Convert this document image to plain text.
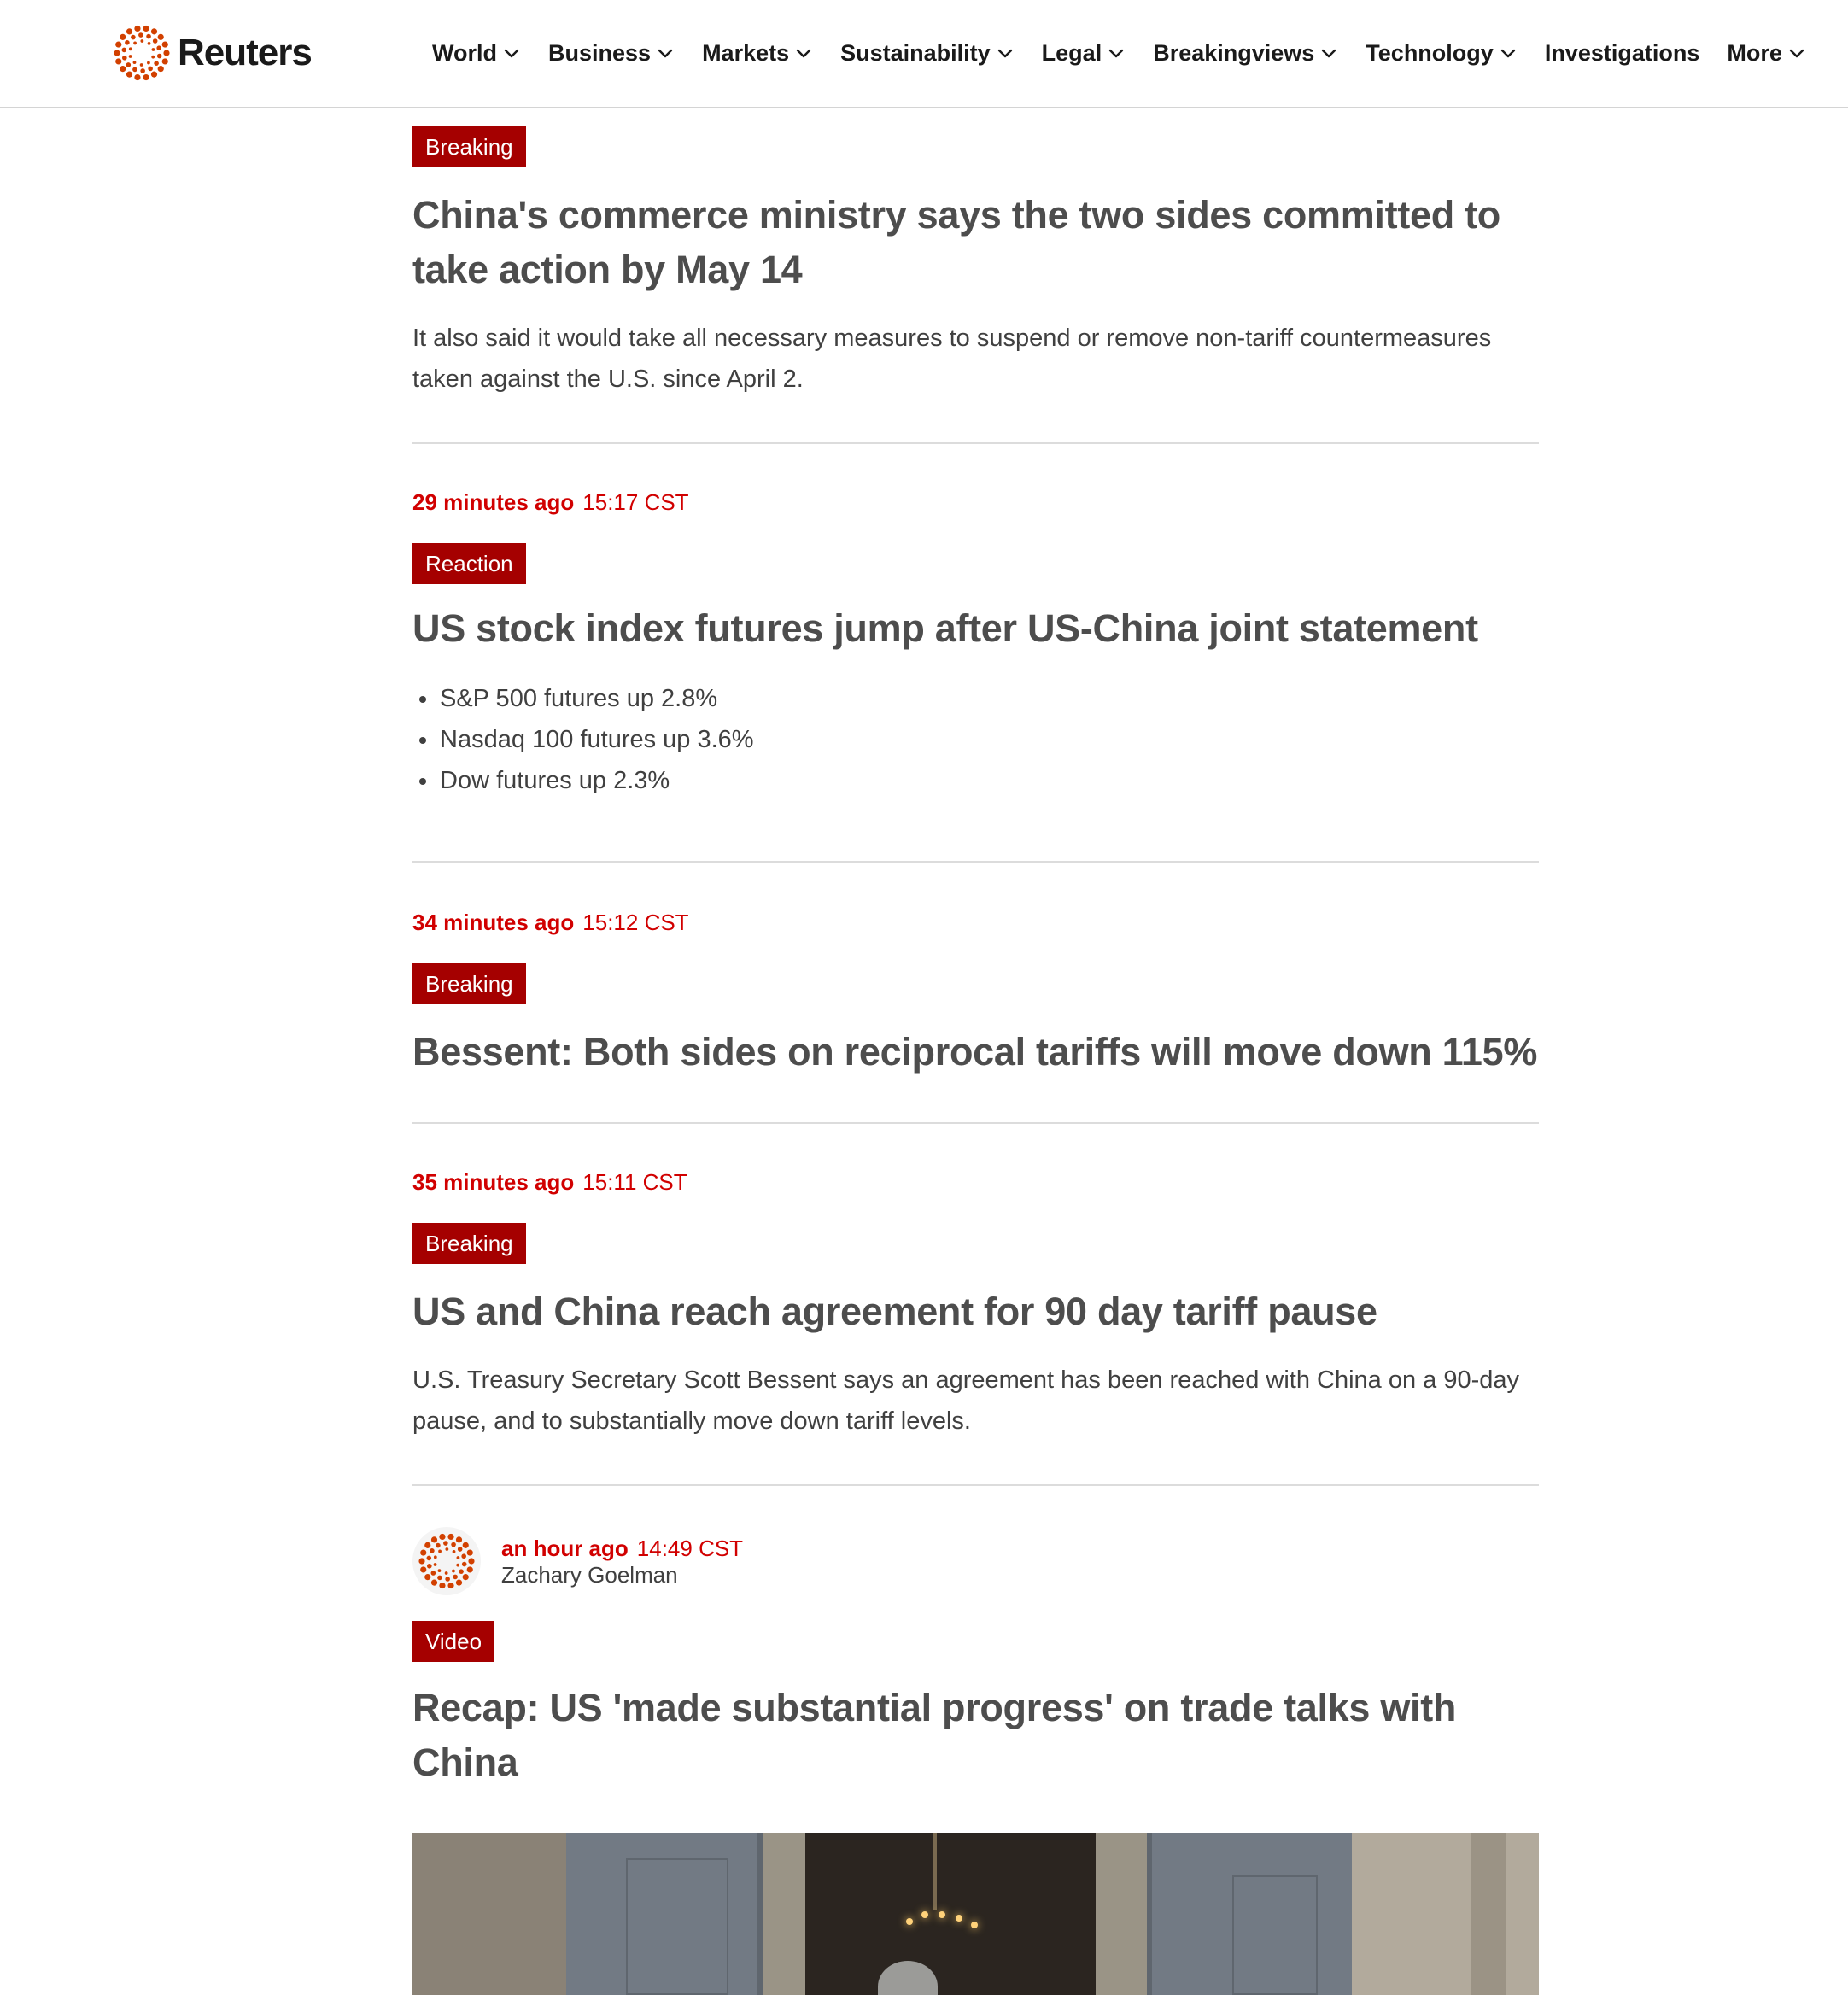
Reuters	World Business Markets Sustainability Legal Breakingviews Technology Investigations More
Breaking
China's commerce ministry says the two sides committed to take action by May 14

It also said it would take all necessary measures to suspend or remove non-tariff countermeasures taken against the U.S. since April 2.

29 minutes ago 15:17 CST
Reaction
US stock index futures jump after US-China joint statement
S&P 500 futures up 2.8%
Nasdaq 100 futures up 3.6%
Dow futures up 2.3%
34 minutes ago 15:12 CST
Breaking
Bessent: Both sides on reciprocal tariffs will move down 115%
35 minutes ago 15:11 CST
Breaking
US and China reach agreement for 90 day tariff pause

U.S. Treasury Secretary Scott Bessent says an agreement has been reached with China on a 90-day pause, and to substantially move down tariff levels.

an hour ago 14:49 CST
Zachary Goelman
Video
Recap: US 'made substantial progress' on trade talks with China
